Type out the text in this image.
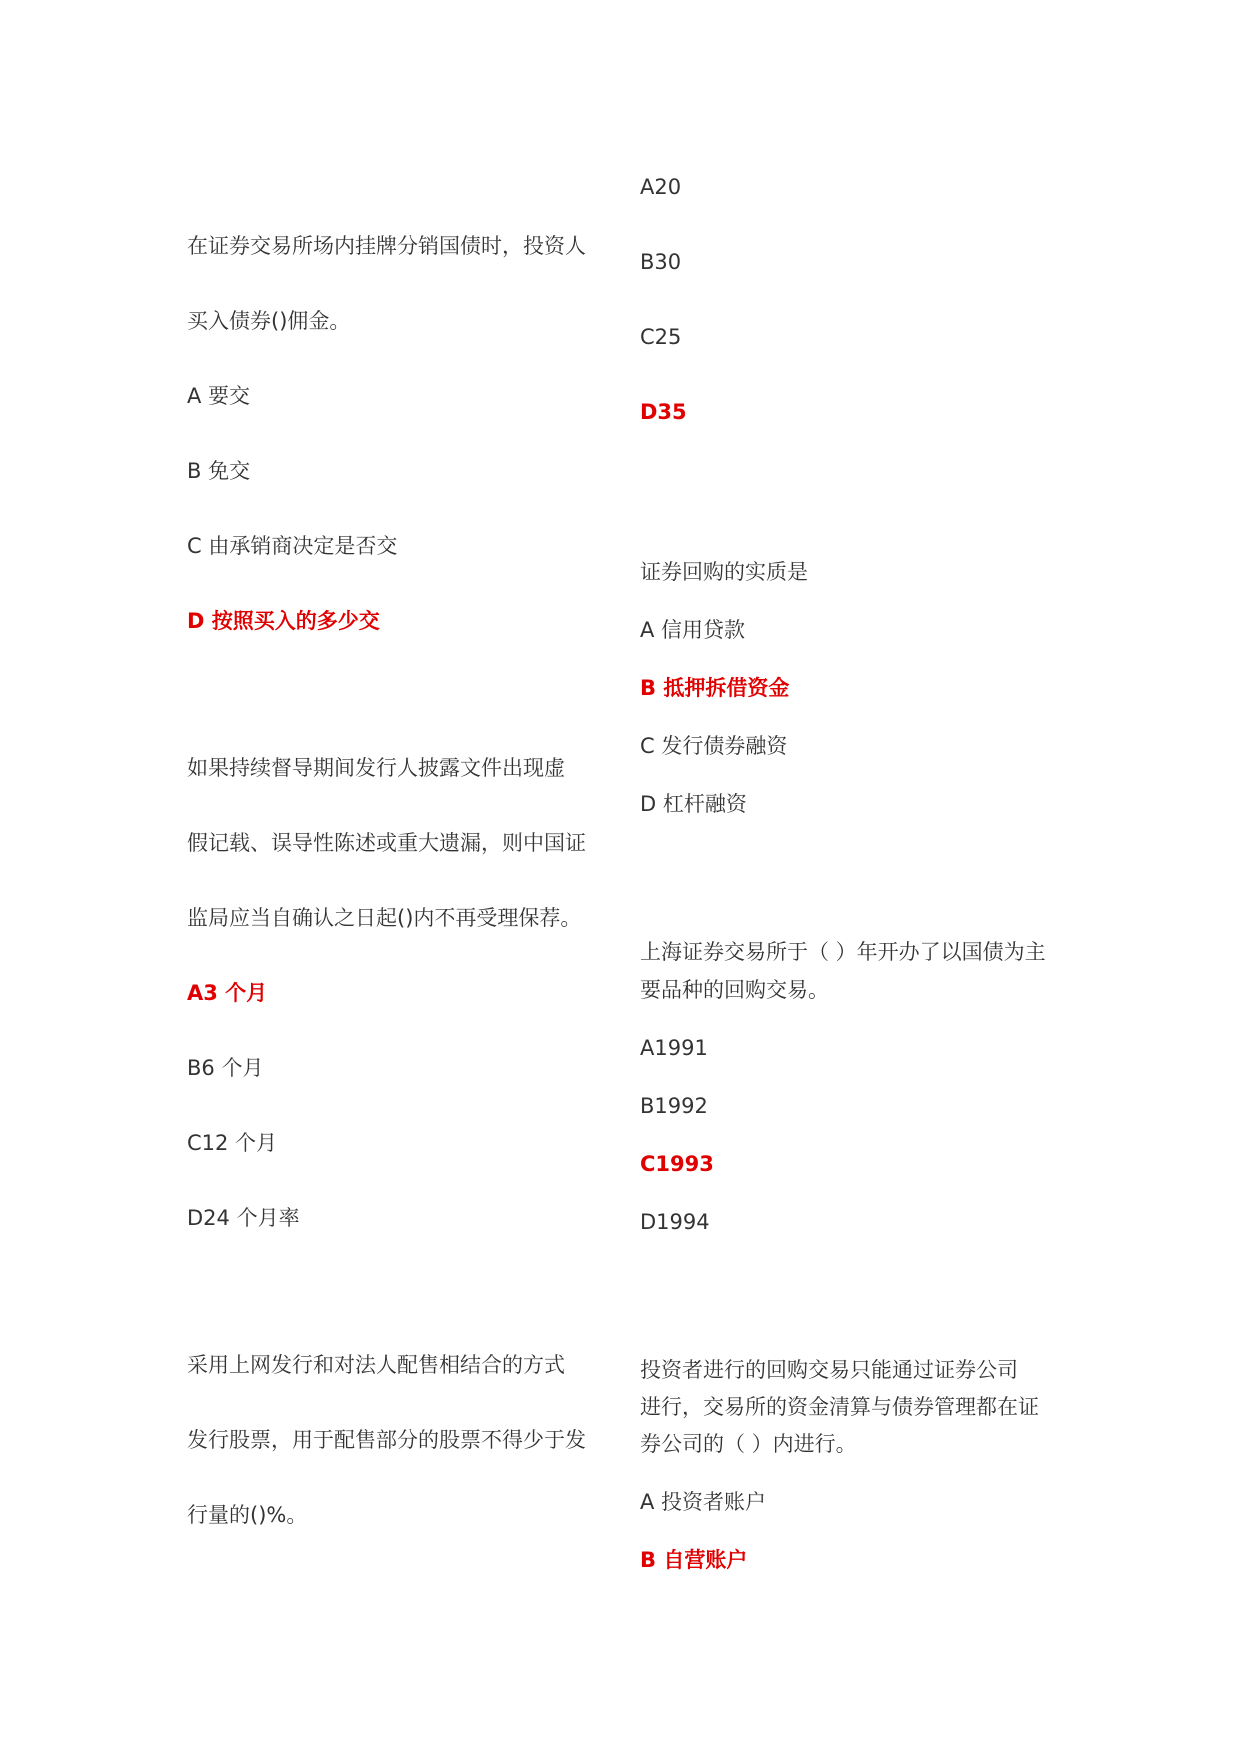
在证券交易所场内挂牌分销国债时，投资人
买入债券()佣金。
A 要交
B 免交
C 由承销商决定是否交
D 按照买入的多少交
如果持续督导期间发行人披露文件出现虚
假记载、误导性陈述或重大遗漏，则中国证
监局应当自确认之日起()内不再受理保荐。
A3 个月
B6 个月
C12 个月
D24 个月率
采用上网发行和对法人配售相结合的方式
发行股票，用于配售部分的股票不得少于发
行量的()%。
A20
B30
C25
D35
证券回购的实质是
A 信用贷款
B 抵押拆借资金
C 发行债券融资
D 杠杆融资
上海证券交易所于（ ）年开办了以国债为主
要品种的回购交易。
A1991
B1992
C1993
D1994
投资者进行的回购交易只能通过证券公司
进行，交易所的资金清算与债券管理都在证
券公司的（ ）内进行。
A 投资者账户
B 自营账户
